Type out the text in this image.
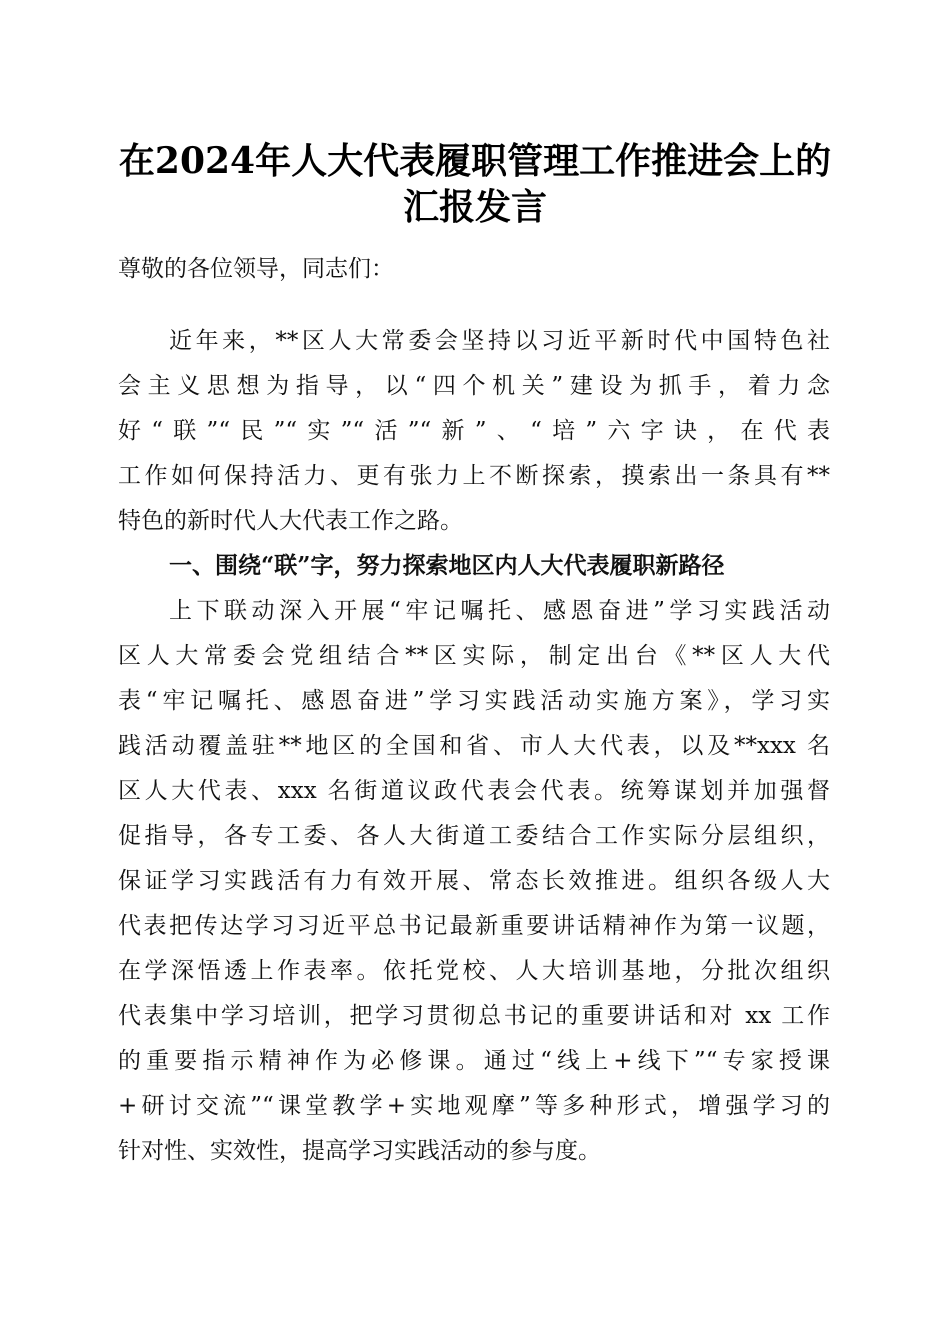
在2024年人大代表履职管理工作推进会上的
汇报发言
尊敬的各位领导，同志们：
近年来，**区人大常委会坚持以习近平新时代中国特色社
会主义思想为指导，以“四个机关”建设为抓手，着力念
好“联”“民”“实”“活”“新”、“培”六字诀，在代表
工作如何保持活力、更有张力上不断探索，摸索出一条具有**
特色的新时代人大代表工作之路。
一、围绕“联”字，努力探索地区内人大代表履职新路径
上下联动深入开展“牢记嘱托、感恩奋进”学习实践活动
区人大常委会党组结合**区实际，制定出台《**区人大代
表“牢记嘱托、感恩奋进”学习实践活动实施方案》，学习实
践活动覆盖驻**地区的全国和省、市人大代表，以及**xxx 名
区人大代表、xxx 名街道议政代表会代表。统筹谋划并加强督
促指导，各专工委、各人大街道工委结合工作实际分层组织，
保证学习实践活有力有效开展、常态长效推进。组织各级人大
代表把传达学习习近平总书记最新重要讲话精神作为第一议题，
在学深悟透上作表率。依托党校、人大培训基地，分批次组织
代表集中学习培训，把学习贯彻总书记的重要讲话和对 xx 工作
的重要指示精神作为必修课。通过“线上+线下”“专家授课
+研讨交流”“课堂教学+实地观摩”等多种形式，增强学习的
针对性、实效性，提高学习实践活动的参与度。
